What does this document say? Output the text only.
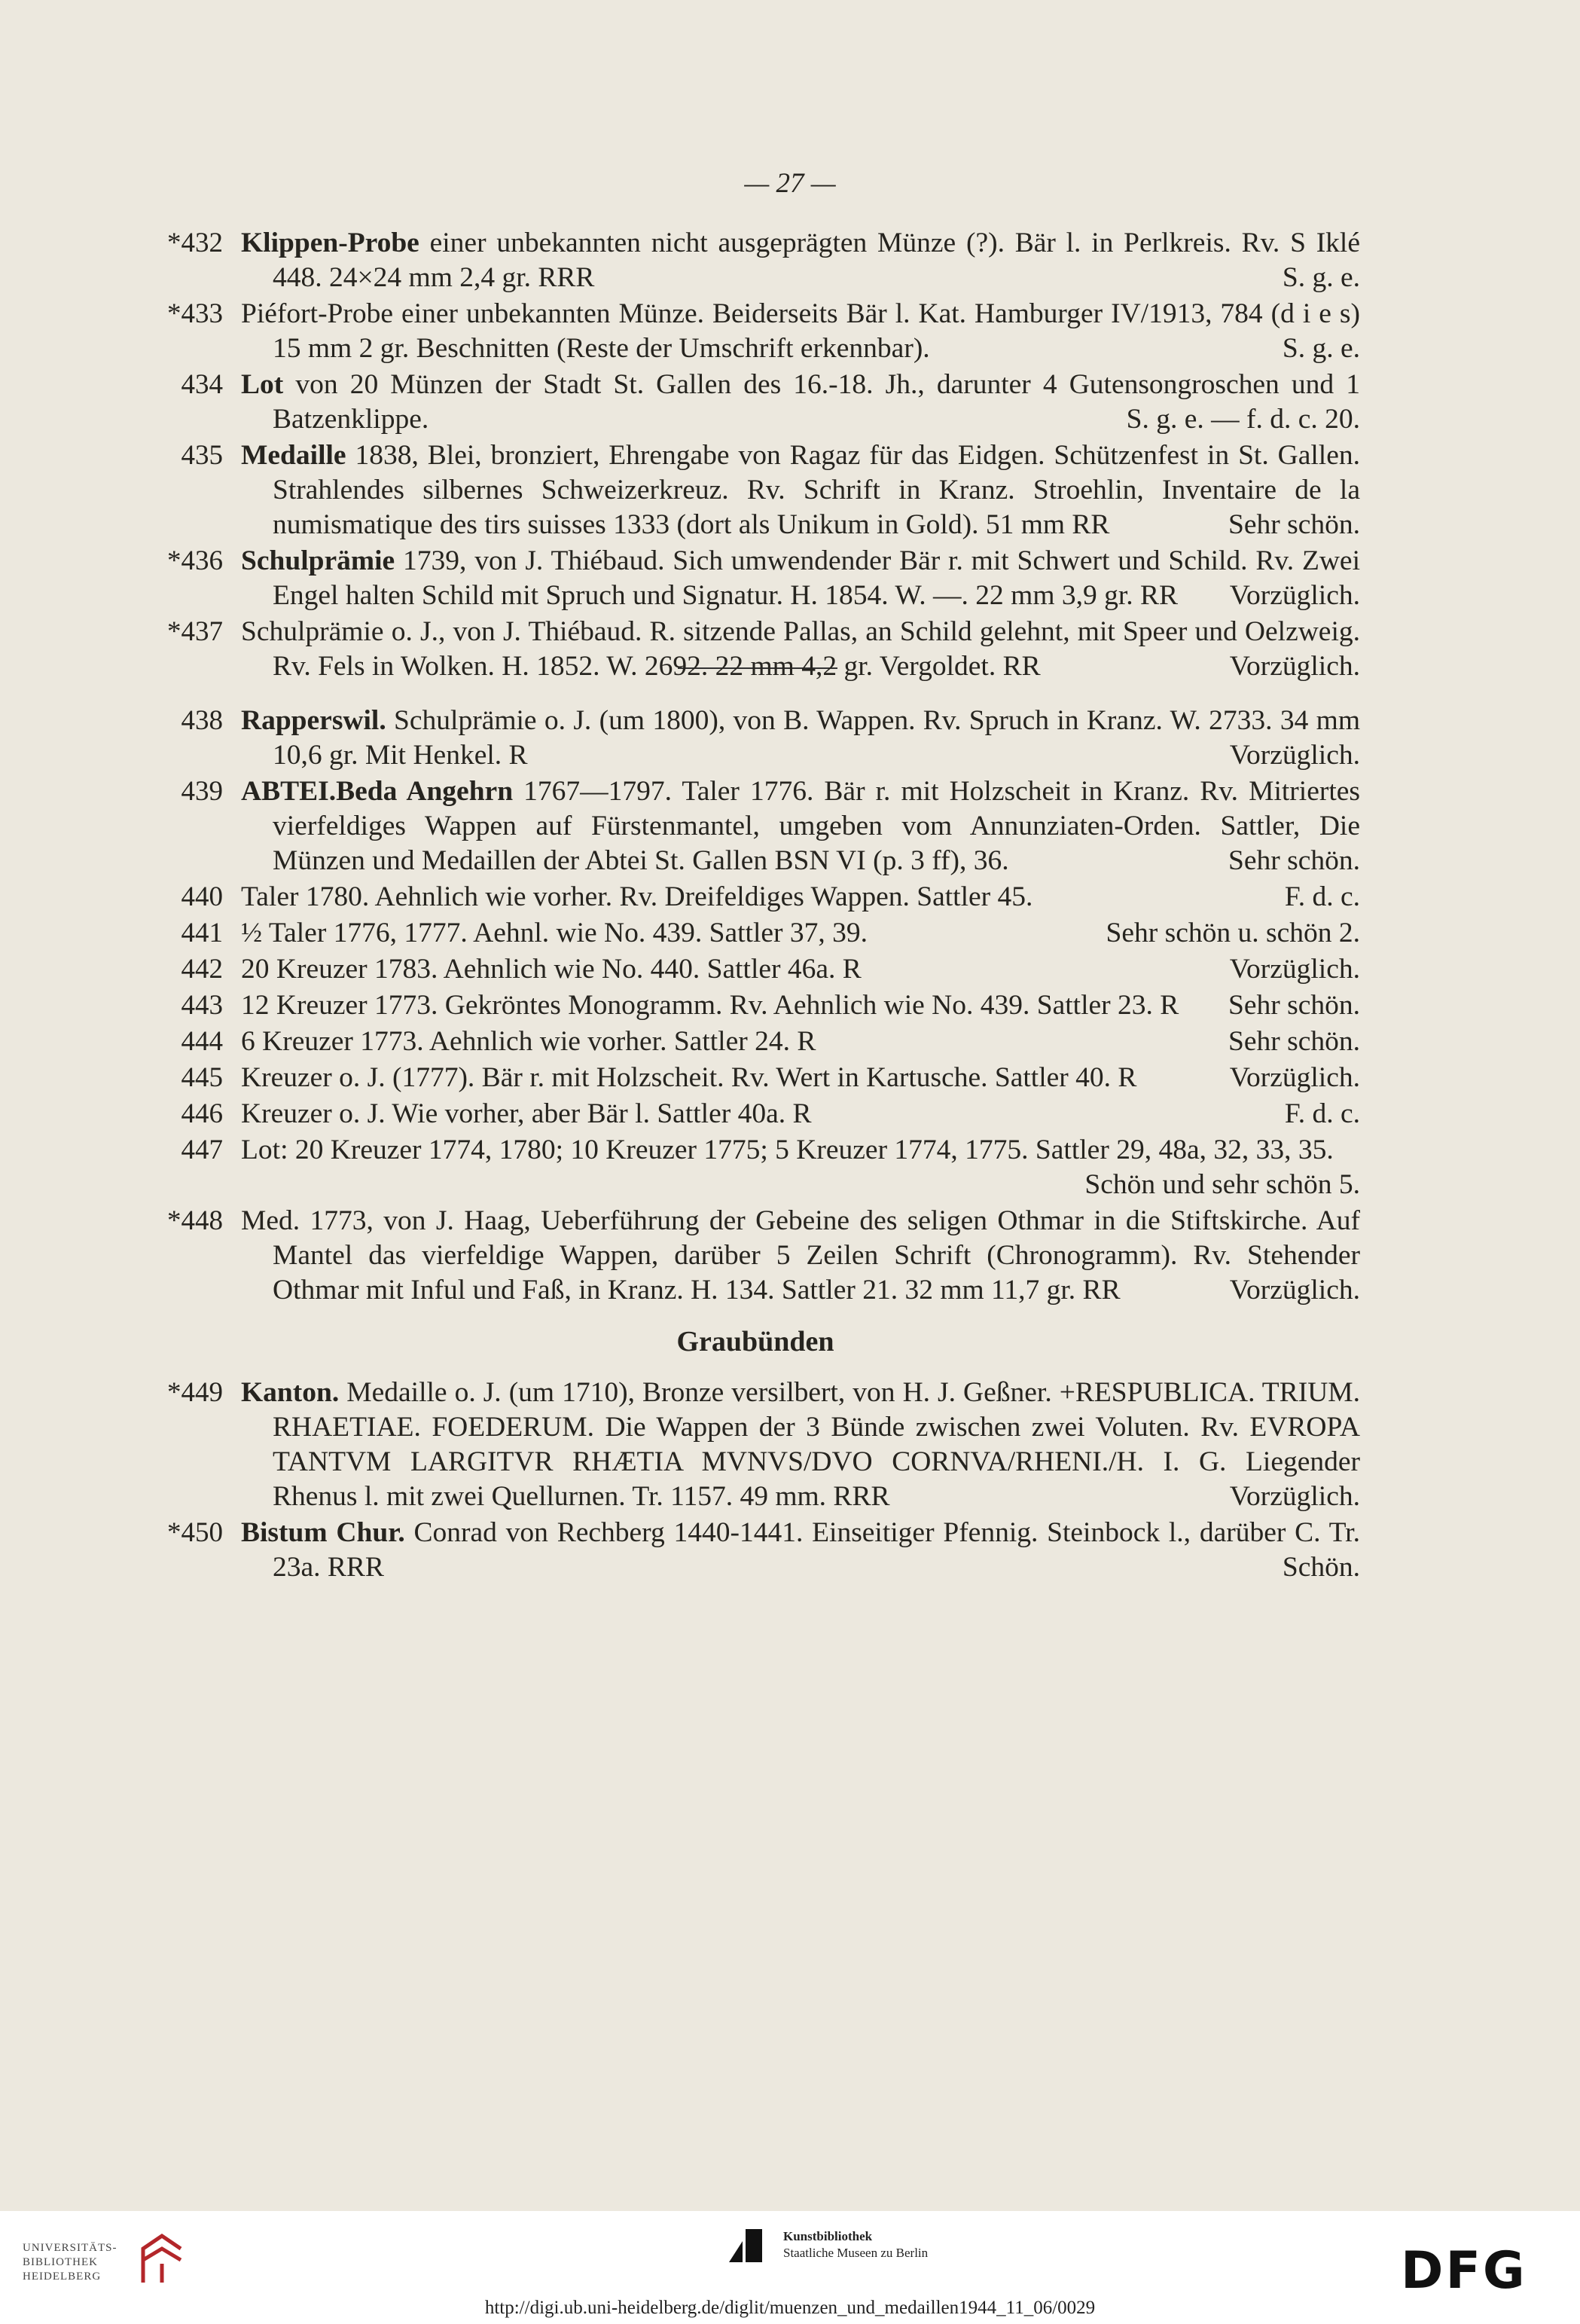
— 27 —
*432 Klippen-Probe einer unbekannten nicht ausgeprägten Münze (?). Bär l. in Perlkreis. Rv. S Iklé 448. 24×24 mm 2,4 gr. RRR	S. g. e.
*433 Piéfort-Probe einer unbekannten Münze. Beiderseits Bär l. Kat. Hamburger IV/1913, 784 (d i e s) 15 mm 2 gr. Beschnitten (Reste der Umschrift erkennbar).	S. g. e.
434 Lot von 20 Münzen der Stadt St. Gallen des 16.-18. Jh., darunter 4 Gutensongroschen und 1 Batzenklippe.	S. g. e. — f. d. c. 20.
435 Medaille 1838, Blei, bronziert, Ehrengabe von Ragaz für das Eidgen. Schützenfest in St. Gallen. Strahlendes silbernes Schweizerkreuz. Rv. Schrift in Kranz. Stroehlin, Inventaire de la numismatique des tirs suisses 1333 (dort als Unikum in Gold). 51 mm RR	Sehr schön.
*436 Schulprämie 1739, von J. Thiébaud. Sich umwendender Bär r. mit Schwert und Schild. Rv. Zwei Engel halten Schild mit Spruch und Signatur. H. 1854. W. —. 22 mm 3,9 gr. RR Vorzüglich.
*437 Schulprämie o. J., von J. Thiébaud. R. sitzende Pallas, an Schild gelehnt, mit Speer und Oelzweig. Rv. Fels in Wolken. H. 1852. W. 2692. 22 mm 4,2 gr. Vergoldet. RR	Vorzüglich.
438 Rapperswil. Schulprämie o. J. (um 1800), von B. Wappen. Rv. Spruch in Kranz. W. 2733. 34 mm 10,6 gr. Mit Henkel. R	Vorzüglich.
439 ABTEI.Beda Angehrn 1767—1797. Taler 1776. Bär r. mit Holzscheit in Kranz. Rv. Mitriertes vierfeldiges Wappen auf Fürstenmantel, umgeben vom Annunziaten-Orden. Sattler, Die Münzen und Medaillen der Abtei St. Gallen BSN VI (p. 3 ff), 36.	Sehr schön.
440 Taler 1780. Aehnlich wie vorher. Rv. Dreifeldiges Wappen. Sattler 45.	F. d. c.
441 ½ Taler 1776, 1777. Aehnl. wie No. 439. Sattler 37, 39.	Sehr schön u. schön 2.
442 20 Kreuzer 1783. Aehnlich wie No. 440. Sattler 46a. R	Vorzüglich.
443 12 Kreuzer 1773. Gekröntes Monogramm. Rv. Aehnlich wie No. 439. Sattler 23. R Sehr schön.
444 6 Kreuzer 1773. Aehnlich wie vorher. Sattler 24. R	Sehr schön.
445 Kreuzer o. J. (1777). Bär r. mit Holzscheit. Rv. Wert in Kartusche. Sattler 40. R	Vorzüglich.
446 Kreuzer o. J. Wie vorher, aber Bär l. Sattler 40a. R	F. d. c.
447 Lot: 20 Kreuzer 1774, 1780; 10 Kreuzer 1775; 5 Kreuzer 1774, 1775. Sattler 29, 48a, 32, 33, 35.
Schön und sehr schön 5.
*448 Med. 1773, von J. Haag, Ueberführung der Gebeine des seligen Othmar in die Stiftskirche. Auf Mantel das vierfeldige Wappen, darüber 5 Zeilen Schrift (Chronogramm). Rv. Stehender Othmar mit Inful und Faß, in Kranz. H. 134. Sattler 21. 32 mm 11,7 gr. RR	Vorzüglich.
Graubünden
*449 Kanton. Medaille o. J. (um 1710), Bronze versilbert, von H. J. Geßner. +RESPUBLICA. TRIUM. RHAETIAE. FOEDERUM. Die Wappen der 3 Bünde zwischen zwei Voluten. Rv. EVROPA TANTVM LARGITVR RHÆTIA MVNVS/DVO CORNVA/RHENI./H. I. G. Liegender Rhenus l. mit zwei Quellurnen. Tr. 1157. 49 mm. RRR	Vorzüglich.
*450 Bistum Chur. Conrad von Rechberg 1440-1441. Einseitiger Pfennig. Steinbock l., darüber C. Tr. 23a. RRR	Schön.
UNIVERSITÄTS-
BIBLIOTHEK
HEIDELBERG
Kunstbibliothek
Staatliche Museen zu Berlin	DFG
http://digi.ub.uni-heidelberg.de/diglit/muenzen_und_medaillen1944_11_06/0029
